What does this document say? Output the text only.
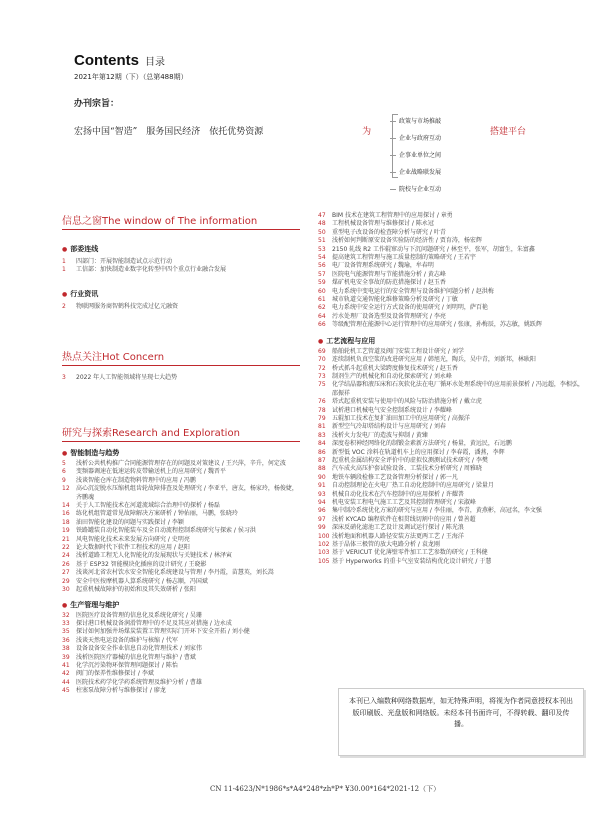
Contents 目录
2021年第12期（下）（总第488期）
办刊宗旨：
宏扬中国“智造”　服务国民经济　依托优势资源	为	搭建平台
政策与市场推敲
企业与政府互动
企事业单位之间
企业战略联发展
院校与企业互动
信息之窗The window of The information
● 部委连线
1	四部门：开展智能制造试点示范行动
1	工信部：加快制造业数字化转型中四个重点行业融合发展
● 行业资讯
2	物联网服务商智鹤科技完成过亿元融资
热点关注Hot Concern
3	2022 年人工智能领域将呈现七大趋势
研究与探索Research and Exploration
● 智能制造与趋势
5	浅析公共机构推广合同能源管理存在的问题及对策建议 / 王兴萍，辛升，何定波
6	变频器调速在低速运转皮带输送机上的应用研究 / 魏晋平
9	浅谈智能仓库在制造物料管理中的应用 / 冯鹏
12	高心沉淀脱水压缩机组齿轮故障排查及处理研究 / 李亚平，唐友，杨家玲，杨俊婕，齐鹏魂
14	关于人工智能技术在河道流域综合治理中的探析 / 杨磊
16	练化机组管道常见故障解决方案研析 / 钟佑丽，马鹏，张晓玲
18	油田智能化建设的问题与实践探讨 / 李颖
19	铁路罐装自动化智能装车及全自动流程控制系统研究与探索 / 侯习洪
21	风电智能化技术未来发展方向研究 / 史明亮
22	论大数据时代下软件工程技术的应用 / 赵阳
24	浅析道路工程无人化智能化的发展现状与关键技术 / 林泽寅
26	基于 ESP32 智能模块化插座的设计研究 / 王晓影
27	浅谈河北省农村饮水安全智能化系统建设与管理 / 李丹霞，苗慧英，刘长嵩
29	安全中医按摩机器人算系统研究 / 杨志顺，冯国斌
30	起重机械故障护的初始和及其失效研析 / 张阳
● 生产管理与维护
32	医院医疗设备管理的信息化及系统化研究 / 吴珊
33	探讨港口机械设备润滑管理中的不足及其应对措施 / 边永成
35	探讨如何加强井场煤炭装置工管理实际门开环下安全开拓 / 刘小健
36	浅谈天然电运设备的维护与核缩 / 代军
38	设备设备安全作业信息自动化管理技术 / 刘家伟
39	浅析医院医疗器械的信息化管理与维护 / 曹斌
41	化学沉污染物环保管理问题探讨 / 陈怡
42	阀门的保养性维修探讨 / 李斌
44	医院技术药学化学药系统管理及维护分析 / 曹雄
45	柱塞泵故障分析与维修探讨 / 廖龙
47	BIM 技术在建筑工程管理中的应用探讨 / 章勇
48	工程机械设备管理与维修探讨 / 陈永冠
50	重型电子改设备的检查障分析与研究 / 叶青
51	浅析如何判断原安设备实验防的经济性 / 贾育涛，杨宏辉
53	2150 轧线 R2 工作辊窜动与下沉问题研究 / 林至平，张军，胡富生，朱富鑫
54	提高建筑工程管理与施工质量控制的策略研究 / 王若宇
56	电厂设备管理系统研究 / 魏瑜，牟春明
57	医院电气能源管理与节能措施分析 / 黄志峰
59	煤矿机电安全事故的防范措施探讨 / 赵玉香
60	电力系统中变电运行的安全管理与设备维护问题分析 / 赵洪梅
61	城市轨道交通智能化维修策略分析及研究 / 丁敏
62	电力系统中安全运行方式设备的使用研究 / 刘明明，萨百艳
64	污水处理厂设备选型及设备管理研究 / 李亮
66	等级配管理在能源中心运行管理中的应用研究 / 张康，孙梅辰，苏志敏，姚跃辉
● 工艺流程与应用
69	船舶轮机工艺管道及阀门安装工程设计研究 / 刘学
70	连续制机负真空浆的改进研究应用 / 韩旭光，陶兵，吴中青，刘新邦，林耿阳
72	桥式抓斗起重机大梁跨度修复技术研究 / 赵玉香
73	制剂生产的机械化和自动化探索研究 / 刘永峰
75	化学结晶器和液压床和石灰软化法在电厂循环水处理系统中的应用前景探析 / 冯远超，李相弘，邵振祥
76	塔式起重机安装与使用中的风险与防治措施分析 / 戴立虎
78	试析港口机械电气安全控制系统设计 / 李耀峰
79	五辊加工技术在复扩油田加工中的应用研究 / 高振洋
81	新型空气冷却塔结构设计与应用研究 / 刘春
83	浅析火力发电厂的造波与抑制 / 黄臻
84	深度卷积神经网络化的制锻金素新方法研究 / 杨量，黄远民，石远鹏
86	新型低 VOC 涂料在轨道机车上的应用探讨 / 李春霞，潘燕，李辉
87	起重机金属结构安全评价中的虚拟仪测测试技术研究 / 李樊
88	汽车成火高压护套试验设备、工装技术分析研究 / 周雅晓
90	地铁车辆段检修工艺设备管理分析探讨 / 郭一凡
91	自动控制理论在火电厂热工自动化控制中的应用研究 / 梁量月
93	机械自动化技术在汽车控制中的应用探析 / 许耀普
94	机电安装工程电气施工工艺及其控制管理研究 / 宋淑峰
96	集中制冷系统优化方案的研究与应用 / 李佳丽，李青，黄燕彬，高冠名，李文强
97	浅析 KYCAD 编程软件在相贯线切割中的应用 / 曾善超
99	深床反硝化滤池工艺设计及调试运行探讨 / 陈光浪
100 浅析地面和机器人路径安装方法更两工艺 / 王海洋
102 基于晶体三极管的放大电路分析 / 袁龙刚
103 基于 VERICUT 优化薄壁零件加工工艺参数的研究 / 王科健
105 基于 Hyperworks 的重卡气室安装结构优化设计研究 / 于慧
本刊已入编数种网络数据库，如无特殊声明，将视为作者同意授权本刊出版印刷版、光盘版和网络版。未经本刊书面许可，不得转载、翻印及传播。
CN 11-4623/N*1986*s*A4*248*zh*P* ¥30.00*164*2021-12（下）
